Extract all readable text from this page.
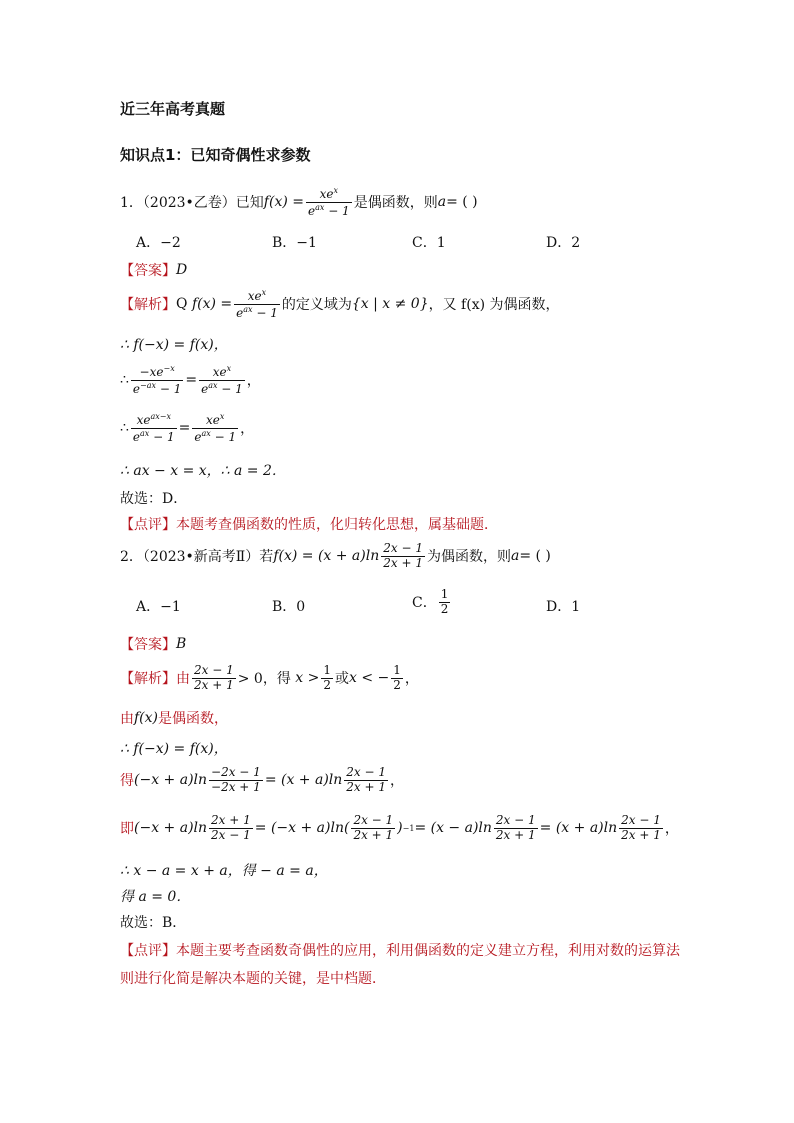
近三年高考真题
知识点1：已知奇偶性求参数
1．（2023•乙卷）已知 $f(x) = \frac{xe^x}{e^{ax} - 1}$ 是偶函数，则 a = ( )
A．−2	B．−1	C．1	D．2
【答案】 D
【解析】 Q
$f(x) = \frac{xe^x}{e^{ax} - 1}$ 的定义域为 {x | x ≠ 0} ，又 f(x) 为偶函数，
∴ f(−x) = f(x)，
∴ $\frac{-xe^{-x}}{e^{-ax} - 1} = \frac{xe^x}{e^{ax} - 1}$ ，
∴ $\frac{xe^{ax-x}}{e^{ax} - 1} = \frac{xe^x}{e^{ax} - 1}$ ，
∴ ax − x = x，∴ a = 2．
故选：D．
【点评】 本题考查偶函数的性质，化归转化思想，属基础题．
2．（2023•新高考Ⅱ）若 $f(x) = (x + a)\ln \frac{2x - 1}{2x + 1}$ 为偶函数，则 a = ( )
A．−1	B．0	C． $\frac{1}{2}$	D．1
【答案】 B
【解析】 由 $\frac{2x - 1}{2x + 1} > 0$，得
$x > \frac{1}{2}$ 或 x < − $\frac{1}{2}$ ，
由 f(x) 是偶函数，
∴ f(−x) = f(x)，
得 $(-x + a)\ln \frac{-2x - 1}{-2x + 1} = (x + a)\ln \frac{2x - 1}{2x + 1}$ ，
即 $(-x + a)\ln \frac{2x + 1}{2x - 1} = (-x + a)\ln( \frac{2x - 1}{2x + 1}$ ) $-1 = (x - a)\ln \frac{2x - 1}{2x + 1} = (x + a)\ln \frac{2x - 1}{2x + 1}$ ，
∴ x − a = x + a，得 − a = a，
得 a = 0．
故选：B．
【点评】 本题主要考查函数奇偶性的应用，利用偶函数的定义建立方程，利用对数的运算法
则进行化简是解决本题的关键，是中档题．
